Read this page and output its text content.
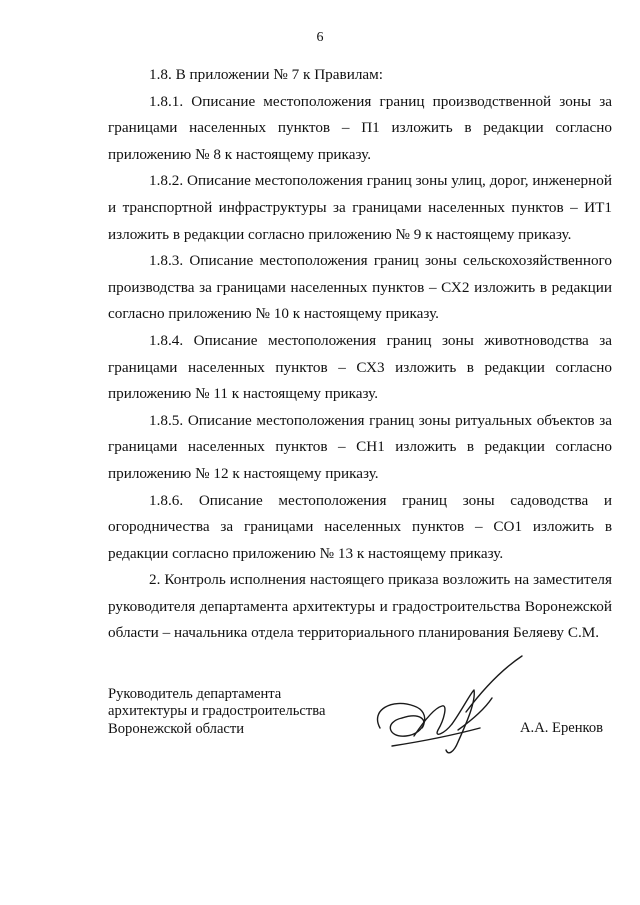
6

1.8. В приложении № 7 к Правилам:

1.8.1. Описание местоположения границ производственной зоны за границами населенных пунктов – П1 изложить в редакции согласно приложению № 8 к настоящему приказу.

1.8.2. Описание местоположения границ зоны улиц, дорог, инженерной и транспортной инфраструктуры за границами населенных пунктов – ИТ1 изложить в редакции согласно приложению № 9 к настоящему приказу.

1.8.3. Описание местоположения границ зоны сельскохозяйственного производства за границами населенных пунктов – СХ2 изложить в редакции согласно приложению № 10 к настоящему приказу.

1.8.4. Описание местоположения границ зоны животноводства за границами населенных пунктов – СХ3 изложить в редакции согласно приложению № 11 к настоящему приказу.

1.8.5. Описание местоположения границ зоны ритуальных объектов за границами населенных пунктов – СН1 изложить в редакции согласно приложению № 12 к настоящему приказу.

1.8.6. Описание местоположения границ зоны садоводства и огородничества за границами населенных пунктов – СО1 изложить в редакции согласно приложению № 13 к настоящему приказу.

2. Контроль исполнения настоящего приказа возложить на заместителя руководителя департамента архитектуры и градостроительства Воронежской области – начальника отдела территориального планирования Беляеву С.М.

Руководитель департамента
архитектуры и градостроительства
Воронежской области	А.А. Еренков
